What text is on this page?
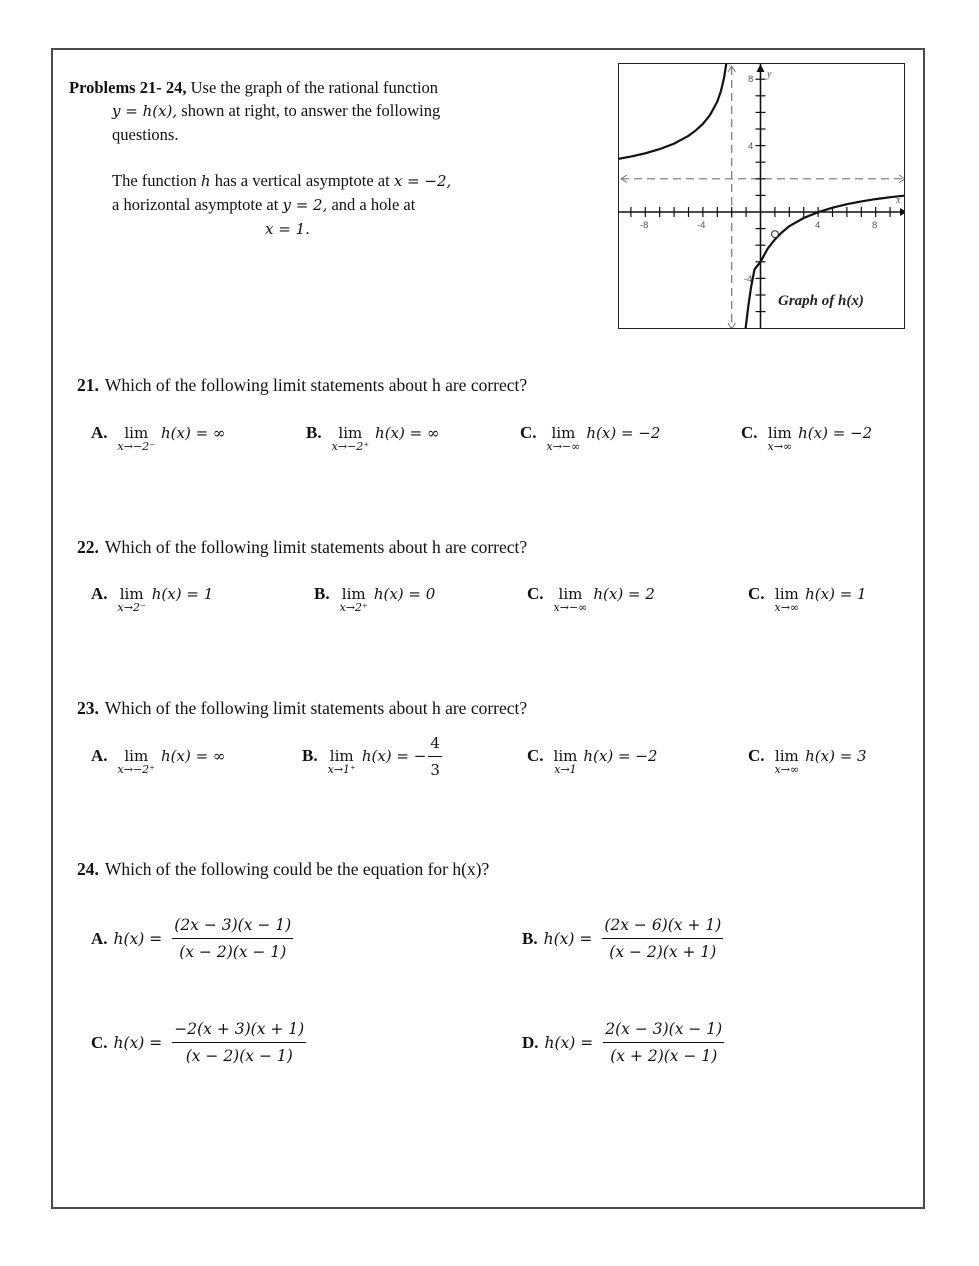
Problems 21- 24, Use the graph of the rational function
y = h(x), shown at right, to answer the following
questions.
The function h has a vertical asymptote at x = −2,
a horizontal asymptote at y = 2, and a hole at
x = 1.	-8	-4	4	8
8
4
-4
y
x
Graph of h(x)
21. Which of the following limit statements about h are correct?
A. lim
x→−2⁻
h(x) = ∞	B. lim
x→−2⁺
h(x) = ∞	C. lim
x→−∞
h(x) = −2	C. lim
x→∞
h(x) = −2
22. Which of the following limit statements about h are correct?
A. lim
x→2⁻
h(x) = 1	B. lim
x→2⁺
h(x) = 0	C. lim
x→−∞
h(x) = 2	C. lim
x→∞
h(x) = 1
23. Which of the following limit statements about h are correct?
A. lim
x→−2⁺
h(x) = ∞	B. lim
x→1⁺
h(x) = − $\frac{4}{3}$	C. lim
x→1
h(x) = −2	C. lim
x→∞
h(x) = 3
24. Which of the following could be the equation for h(x)?
A. $h(x) = \frac{(2x - 3)(x - 1)}{(x - 2)(x - 1)}$	B. $h(x) = \frac{(2x - 6)(x + 1)}{(x - 2)(x + 1)}$
C. $h(x) = \frac{-2(x + 3)(x + 1)}{(x - 2)(x - 1)}$	D. $h(x) = \frac{2(x - 3)(x - 1)}{(x + 2)(x - 1)}$
